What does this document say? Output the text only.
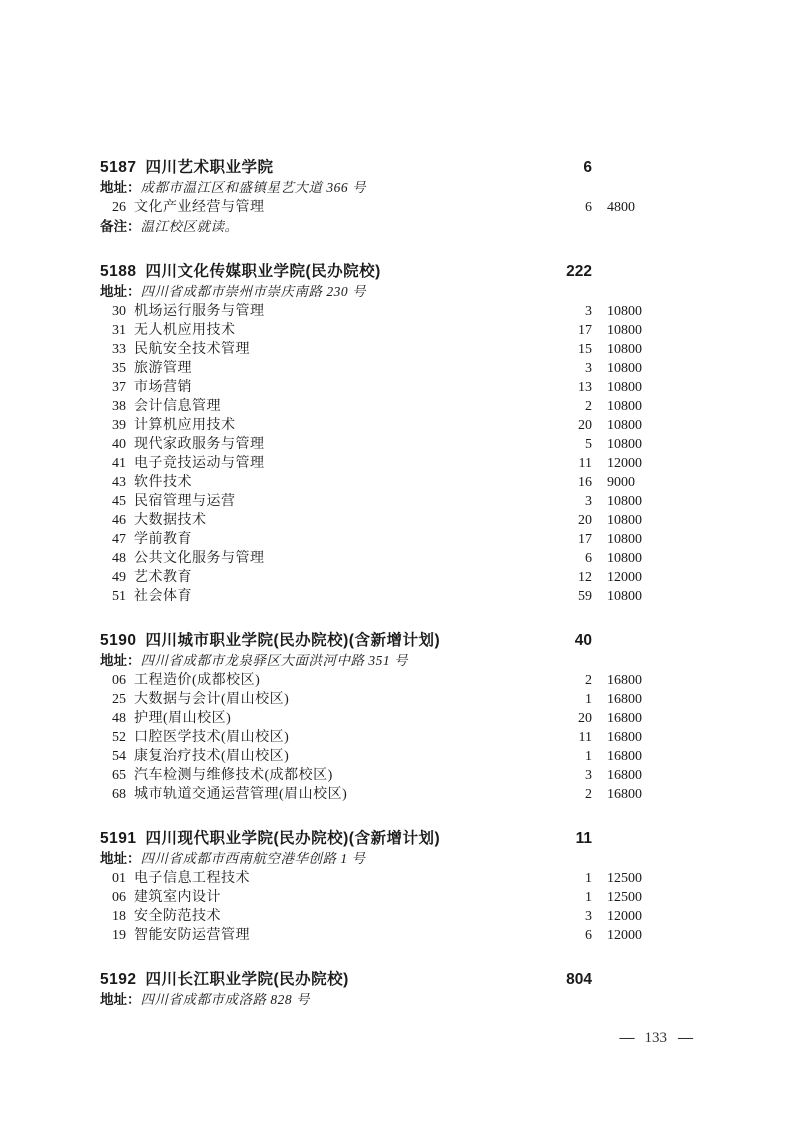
5187 四川艺术职业学院	6
地址：成都市温江区和盛镇星艺大道 366 号
26 文化产业经营与管理	6 4800
备注：温江校区就读。
5188 四川文化传媒职业学院(民办院校)	222
地址：四川省成都市崇州市崇庆南路 230 号
30 机场运行服务与管理	3 10800
31 无人机应用技术	17 10800
33 民航安全技术管理	15 10800
35 旅游管理	3 10800
37 市场营销	13 10800
38 会计信息管理	2 10800
39 计算机应用技术	20 10800
40 现代家政服务与管理	5 10800
41 电子竞技运动与管理	11 12000
43 软件技术	16 9000
45 民宿管理与运营	3 10800
46 大数据技术	20 10800
47 学前教育	17 10800
48 公共文化服务与管理	6 10800
49 艺术教育	12 12000
51 社会体育	59 10800
5190 四川城市职业学院(民办院校)(含新增计划)	40
地址：四川省成都市龙泉驿区大面洪河中路 351 号
06 工程造价(成都校区)	2 16800
25 大数据与会计(眉山校区)	1 16800
48 护理(眉山校区)	20 16800
52 口腔医学技术(眉山校区)	11 16800
54 康复治疗技术(眉山校区)	1 16800
65 汽车检测与维修技术(成都校区)	3 16800
68 城市轨道交通运营管理(眉山校区)	2 16800
5191 四川现代职业学院(民办院校)(含新增计划)	11
地址：四川省成都市西南航空港华创路 1 号
01 电子信息工程技术	1 12500
06 建筑室内设计	1 12500
18 安全防范技术	3 12000
19 智能安防运营管理	6 12000
5192 四川长江职业学院(民办院校)	804
地址：四川省成都市成洛路 828 号
— 133 —
